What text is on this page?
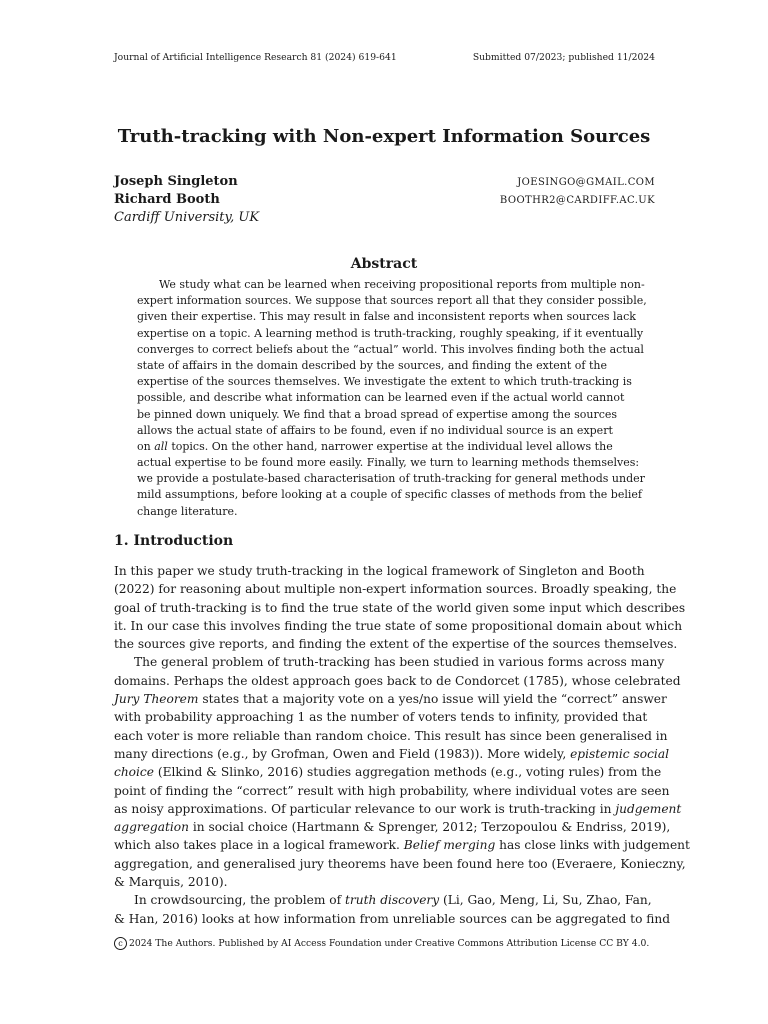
Journal of Artificial Intelligence Research 81 (2024) 619-641	Submitted 07/2023; published 11/2024
Truth-tracking with Non-expert Information Sources
Joseph Singleton	JOESINGO@GMAIL.COM
Richard Booth	BOOTHR2@CARDIFF.AC.UK
Cardiff University, UK
Abstract
We study what can be learned when receiving propositional reports from multiple non-
expert information sources. We suppose that sources report all that they consider possible,
given their expertise. This may result in false and inconsistent reports when sources lack
expertise on a topic. A learning method is truth-tracking, roughly speaking, if it eventually
converges to correct beliefs about the “actual” world. This involves finding both the actual
state of affairs in the domain described by the sources, and finding the extent of the
expertise of the sources themselves. We investigate the extent to which truth-tracking is
possible, and describe what information can be learned even if the actual world cannot
be pinned down uniquely. We find that a broad spread of expertise among the sources
allows the actual state of affairs to be found, even if no individual source is an expert
on all topics. On the other hand, narrower expertise at the individual level allows the
actual expertise to be found more easily. Finally, we turn to learning methods themselves:
we provide a postulate-based characterisation of truth-tracking for general methods under
mild assumptions, before looking at a couple of specific classes of methods from the belief
change literature.
1. Introduction
In this paper we study truth-tracking in the logical framework of Singleton and Booth
(2022) for reasoning about multiple non-expert information sources. Broadly speaking, the
goal of truth-tracking is to find the true state of the world given some input which describes
it. In our case this involves finding the true state of some propositional domain about which
the sources give reports, and finding the extent of the expertise of the sources themselves.
The general problem of truth-tracking has been studied in various forms across many
domains. Perhaps the oldest approach goes back to de Condorcet (1785), whose celebrated
Jury Theorem states that a majority vote on a yes/no issue will yield the “correct” answer
with probability approaching 1 as the number of voters tends to infinity, provided that
each voter is more reliable than random choice. This result has since been generalised in
many directions (e.g., by Grofman, Owen and Field (1983)). More widely, epistemic social
choice (Elkind & Slinko, 2016) studies aggregation methods (e.g., voting rules) from the
point of finding the “correct” result with high probability, where individual votes are seen
as noisy approximations. Of particular relevance to our work is truth-tracking in judgement
aggregation in social choice (Hartmann & Sprenger, 2012; Terzopoulou & Endriss, 2019),
which also takes place in a logical framework. Belief merging has close links with judgement
aggregation, and generalised jury theorems have been found here too (Everaere, Konieczny,
& Marquis, 2010).
In crowdsourcing, the problem of truth discovery (Li, Gao, Meng, Li, Su, Zhao, Fan,
& Han, 2016) looks at how information from unreliable sources can be aggregated to find
c 2024 The Authors. Published by AI Access Foundation under Creative Commons Attribution License CC BY 4.0.
